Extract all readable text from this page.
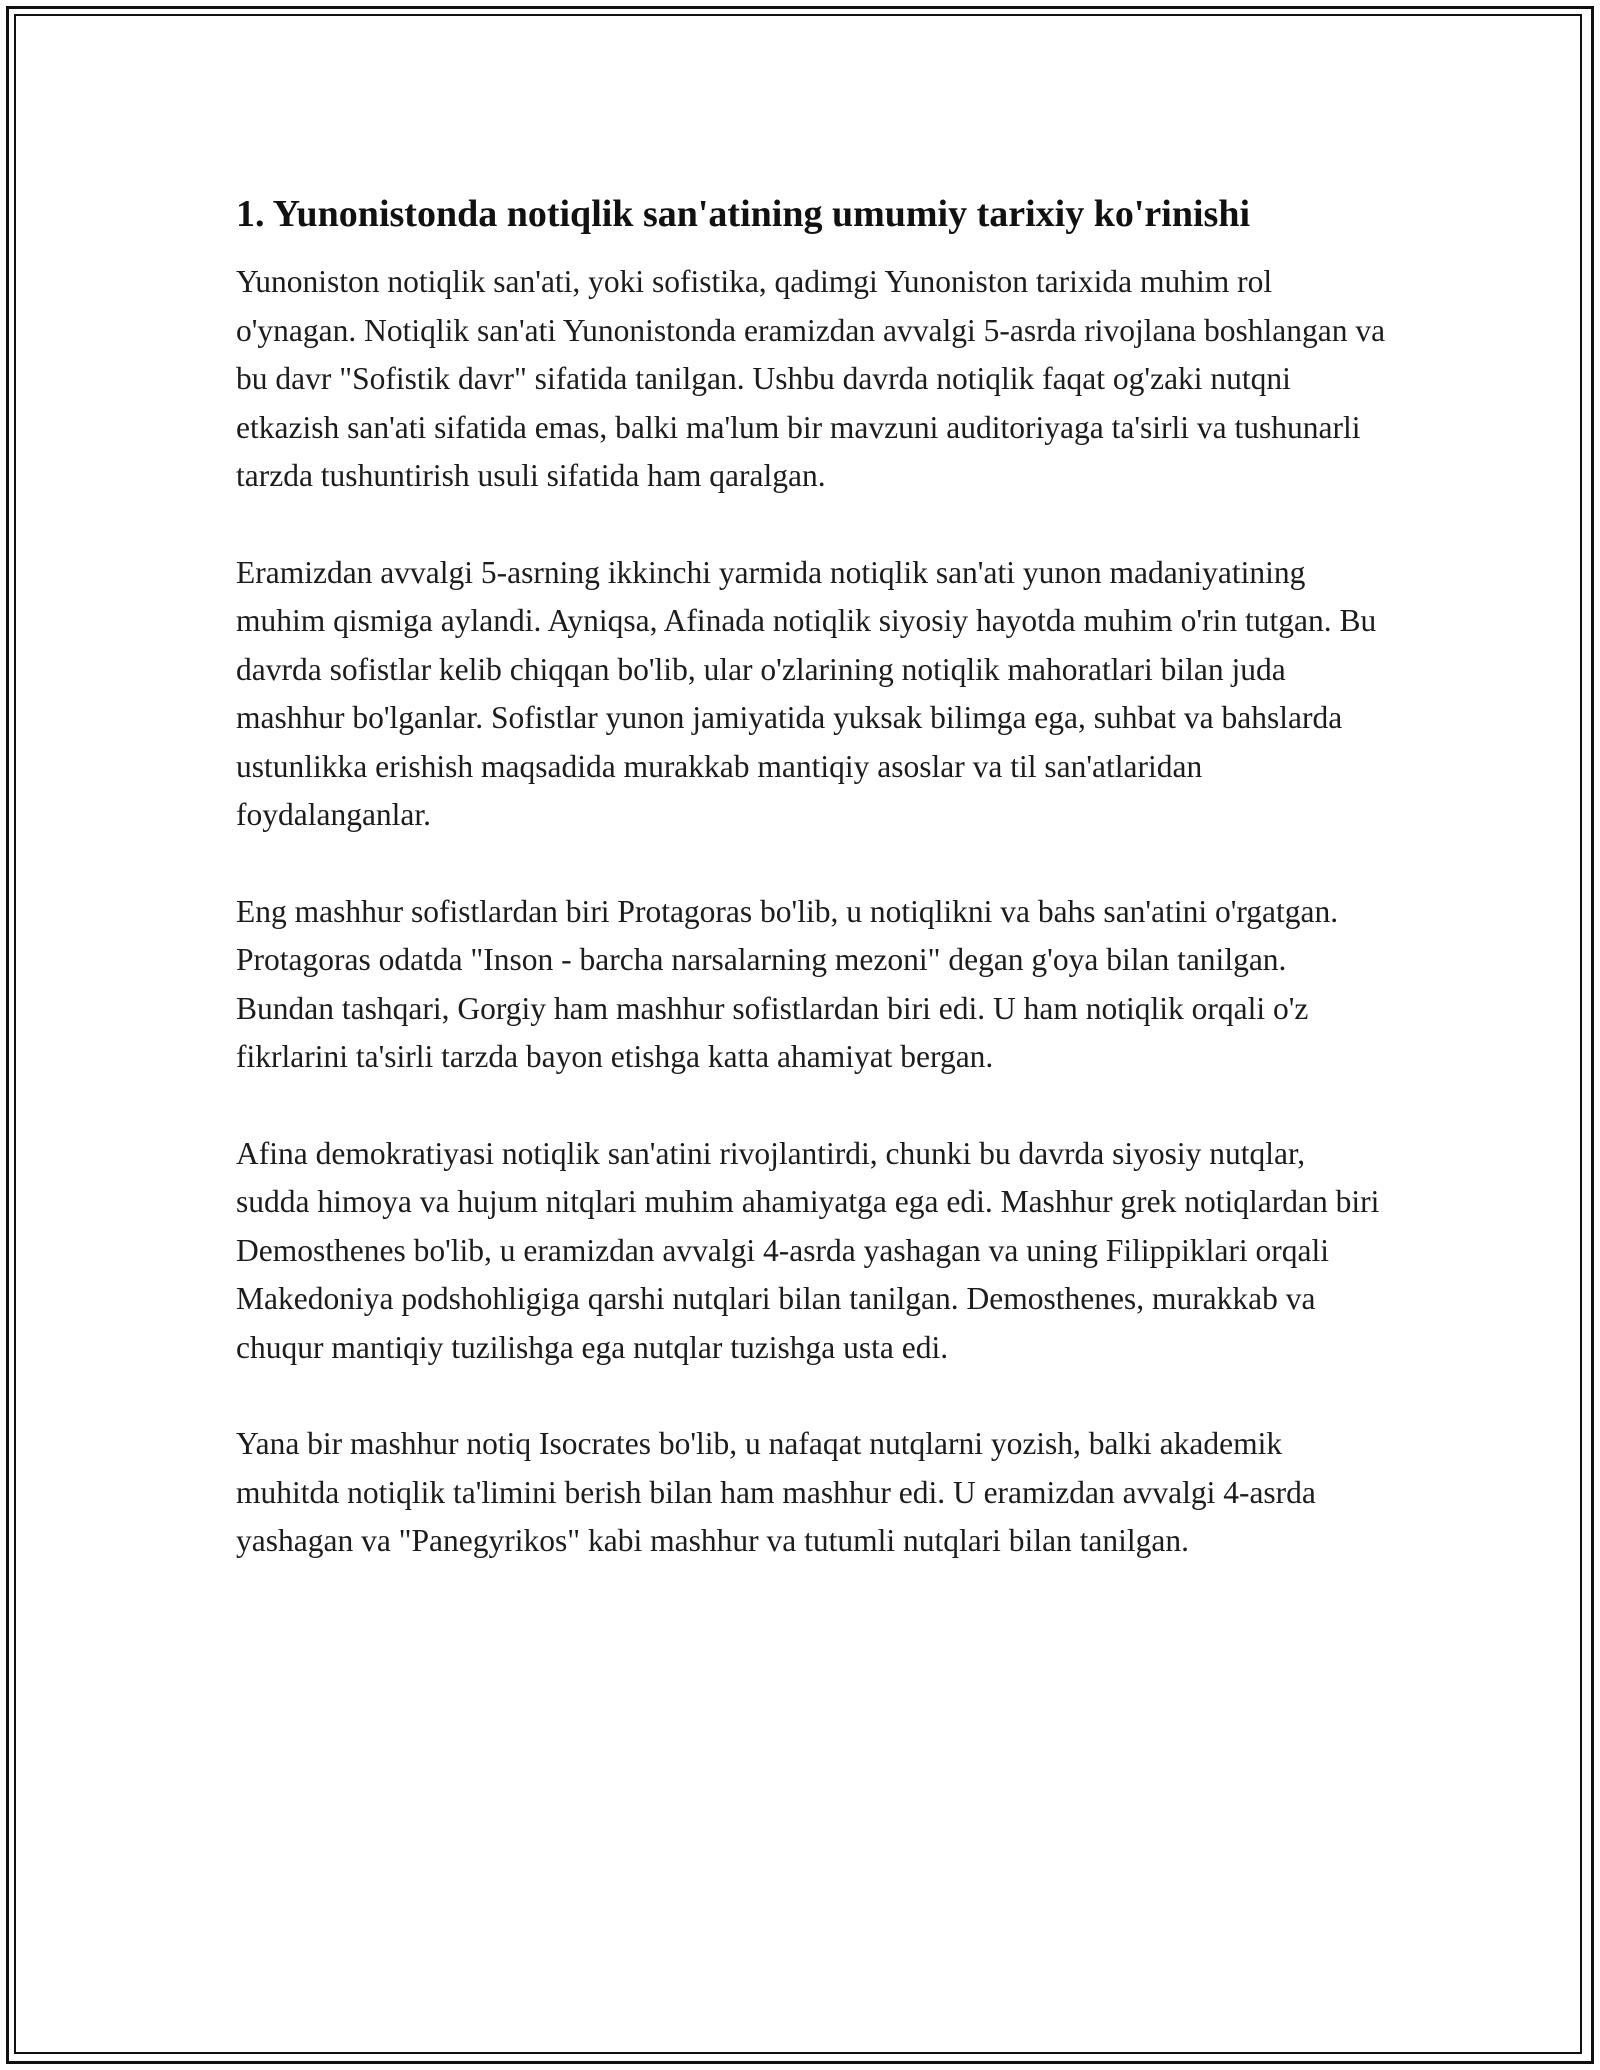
1. Yunonistonda notiqlik san'atining umumiy tarixiy ko'rinishi

Yunoniston notiqlik san'ati, yoki sofistika, qadimgi Yunoniston tarixida muhim rol o'ynagan. Notiqlik san'ati Yunonistonda eramizdan avvalgi 5-asrda rivojlana boshlangan va bu davr "Sofistik davr" sifatida tanilgan. Ushbu davrda notiqlik faqat og'zaki nutqni etkazish san'ati sifatida emas, balki ma'lum bir mavzuni auditoriyaga ta'sirli va tushunarli tarzda tushuntirish usuli sifatida ham qaralgan.

Eramizdan avvalgi 5-asrning ikkinchi yarmida notiqlik san'ati yunon madaniyatining muhim qismiga aylandi. Ayniqsa, Afinada notiqlik siyosiy hayotda muhim o'rin tutgan. Bu davrda sofistlar kelib chiqqan bo'lib, ular o'zlarining notiqlik mahoratlari bilan juda mashhur bo'lganlar. Sofistlar yunon jamiyatida yuksak bilimga ega, suhbat va bahslarda ustunlikka erishish maqsadida murakkab mantiqiy asoslar va til san'atlaridan foydalanganlar.

Eng mashhur sofistlardan biri Protagoras bo'lib, u notiqlikni va bahs san'atini o'rgatgan. Protagoras odatda "Inson - barcha narsalarning mezoni" degan g'oya bilan tanilgan. Bundan tashqari, Gorgiy ham mashhur sofistlardan biri edi. U ham notiqlik orqali o'z fikrlarini ta'sirli tarzda bayon etishga katta ahamiyat bergan.

Afina demokratiyasi notiqlik san'atini rivojlantirdi, chunki bu davrda siyosiy nutqlar, sudda himoya va hujum nitqlari muhim ahamiyatga ega edi. Mashhur grek notiqlardan biri Demosthenes bo'lib, u eramizdan avvalgi 4-asrda yashagan va uning Filippiklari orqali Makedoniya podshohligiga qarshi nutqlari bilan tanilgan. Demosthenes, murakkab va chuqur mantiqiy tuzilishga ega nutqlar tuzishga usta edi.

Yana bir mashhur notiq Isocrates bo'lib, u nafaqat nutqlarni yozish, balki akademik muhitda notiqlik ta'limini berish bilan ham mashhur edi. U eramizdan avvalgi 4-asrda yashagan va "Panegyrikos" kabi mashhur va tutumli nutqlari bilan tanilgan.
